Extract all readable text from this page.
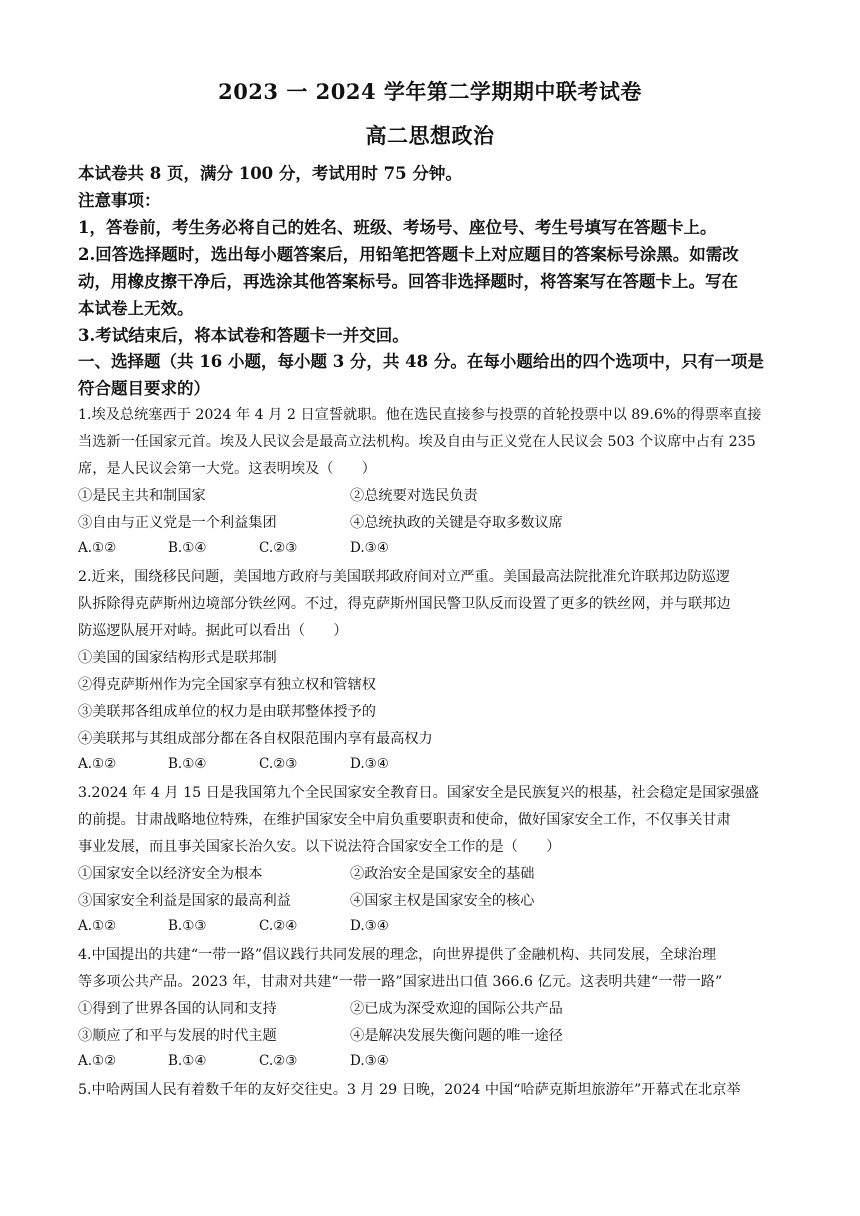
2023 一 2024 学年第二学期期中联考试卷
高二思想政治
本试卷共 8 页，满分 100 分，考试用时 75 分钟。
注意事项：
1，答卷前，考生务必将自己的姓名、班级、考场号、座位号、考生号填写在答题卡上。
2.回答选择题时，选出每小题答案后，用铅笔把答题卡上对应题目的答案标号涂黑。如需改
动，用橡皮擦干净后，再选涂其他答案标号。回答非选择题时，将答案写在答题卡上。写在
本试卷上无效。
3.考试结束后，将本试卷和答题卡一并交回。
一、选择题（共 16 小题，每小题 3 分，共 48 分。在每小题给出的四个选项中，只有一项是
符合题目要求的）
1.埃及总统塞西于 2024 年 4 月 2 日宣誓就职。他在选民直接参与投票的首轮投票中以 89.6%的得票率直接
当选新一任国家元首。埃及人民议会是最高立法机构。埃及自由与正义党在人民议会 503 个议席中占有 235
席，是人民议会第一大党。这表明埃及（　　）
①是民主共和制国家	②总统要对选民负责
③自由与正义党是一个利益集团	④总统执政的关键是夺取多数议席
A.①②	B.①④	C.②③	D.③④
2.近来，围绕移民问题，美国地方政府与美国联邦政府间对立严重。美国最高法院批准允许联邦边防巡逻
队拆除得克萨斯州边境部分铁丝网。不过，得克萨斯州国民警卫队反而设置了更多的铁丝网，并与联邦边
防巡逻队展开对峙。据此可以看出（　　）
①美国的国家结构形式是联邦制
②得克萨斯州作为完全国家享有独立权和管辖权
③美联邦各组成单位的权力是由联邦整体授予的
④美联邦与其组成部分都在各自权限范围内享有最高权力
A.①②	B.①④	C.②③	D.③④
3.2024 年 4 月 15 日是我国第九个全民国家安全教育日。国家安全是民族复兴的根基，社会稳定是国家强盛
的前提。甘肃战略地位特殊，在维护国家安全中肩负重要职责和使命，做好国家安全工作，不仅事关甘肃
事业发展，而且事关国家长治久安。以下说法符合国家安全工作的是（　　）
①国家安全以经济安全为根本	②政治安全是国家安全的基础
③国家安全利益是国家的最高利益	④国家主权是国家安全的核心
A.①②	B.①③	C.②④	D.③④
4.中国提出的共建“一带一路”倡议践行共同发展的理念，向世界提供了金融机构、共同发展，全球治理
等多项公共产品。2023 年，甘肃对共建“一带一路”国家进出口值 366.6 亿元。这表明共建“一带一路”
①得到了世界各国的认同和支持	②已成为深受欢迎的国际公共产品
③顺应了和平与发展的时代主题	④是解决发展失衡问题的唯一途径
A.①②	B.①④	C.②③	D.③④
5.中哈两国人民有着数千年的友好交往史。3 月 29 日晚，2024 中国“哈萨克斯坦旅游年”开幕式在北京举
